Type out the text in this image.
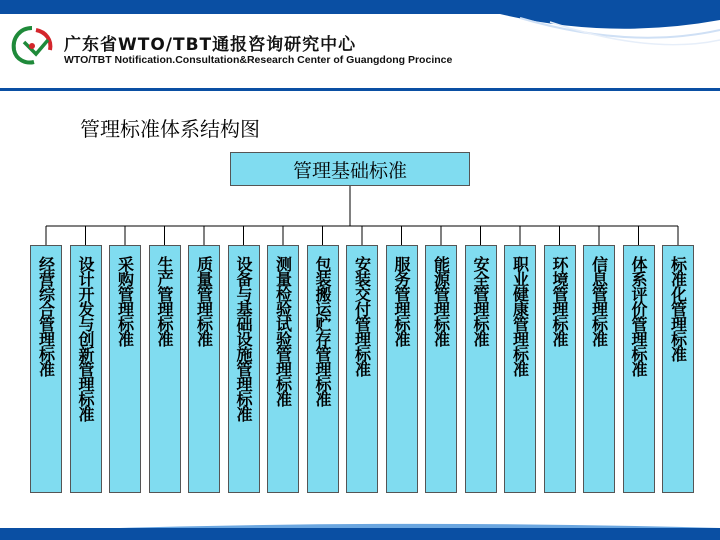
广东省WTO/TBT通报咨询研究中心
WTO/TBT Notification.Consultation&Research Center of Guangdong Procince
管理标准体系结构图
管理基础标准
经营综合管理标准 设计开发与创新管理标准 采购管理标准 生产管理标准 质量管理标准 设备与基础设施管理标准 测量检验试验管理标准 包装搬运贮存管理标准 安装交付管理标准 服务管理标准 能源管理标准 安全管理标准 职业健康管理标准 环境管理标准 信息管理标准 体系评价管理标准 标准化管理标准
